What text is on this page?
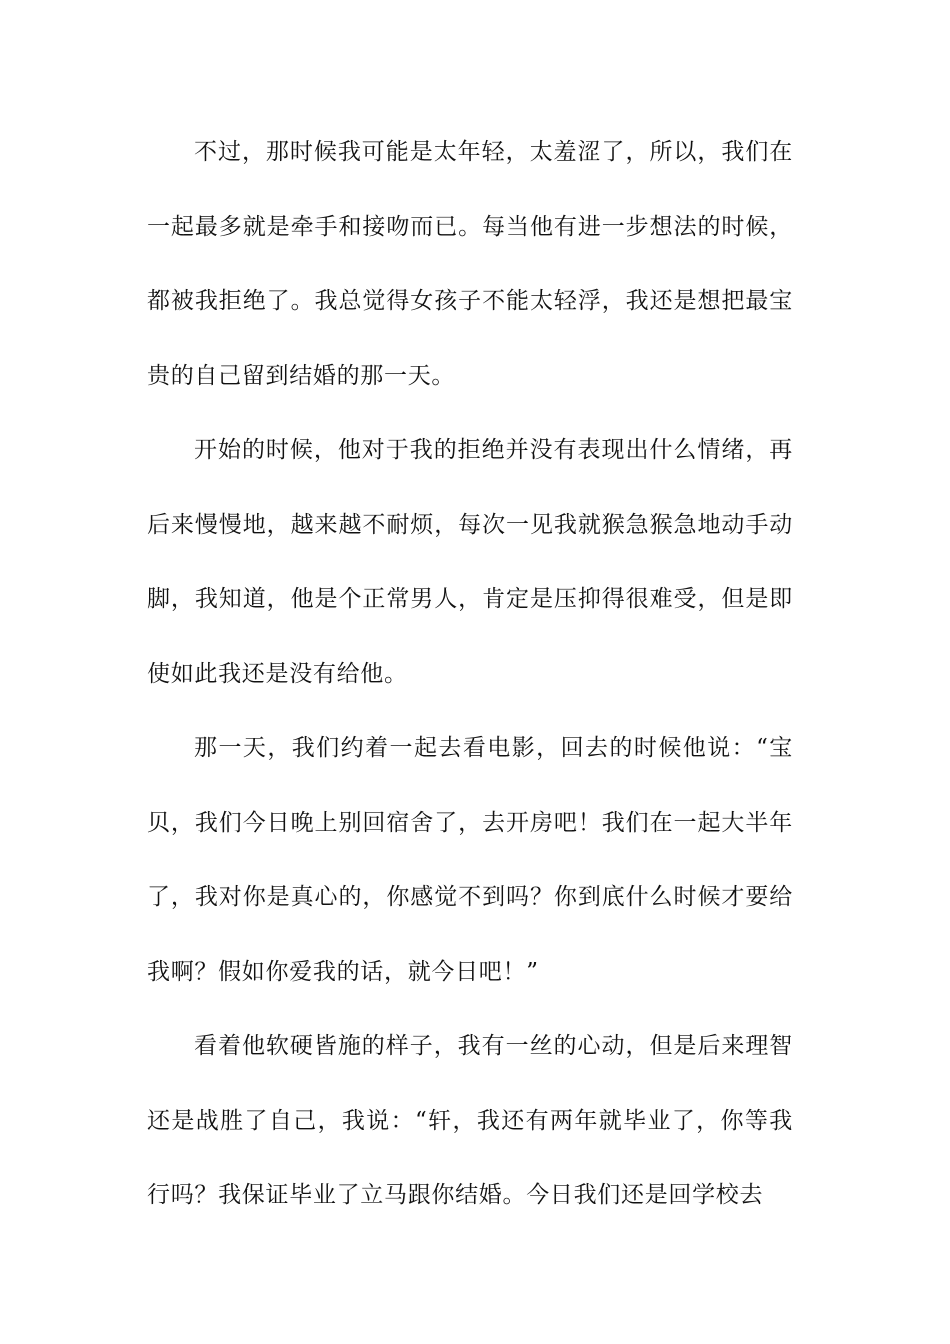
不过，那时候我可能是太年轻，太羞涩了，所以，我们在
一起最多就是牵手和接吻而已。每当他有进一步想法的时候，
都被我拒绝了。我总觉得女孩子不能太轻浮，我还是想把最宝
贵的自己留到结婚的那一天。
开始的时候，他对于我的拒绝并没有表现出什么情绪，再
后来慢慢地，越来越不耐烦，每次一见我就猴急猴急地动手动
脚，我知道，他是个正常男人，肯定是压抑得很难受，但是即
使如此我还是没有给他。
那一天，我们约着一起去看电影，回去的时候他说：“宝
贝，我们今日晚上别回宿舍了，去开房吧！我们在一起大半年
了，我对你是真心的，你感觉不到吗？你到底什么时候才要给
我啊？假如你爱我的话，就今日吧！”
看着他软硬皆施的样子，我有一丝的心动，但是后来理智
还是战胜了自己，我说：“轩，我还有两年就毕业了，你等我
行吗？我保证毕业了立马跟你结婚。今日我们还是回学校去
